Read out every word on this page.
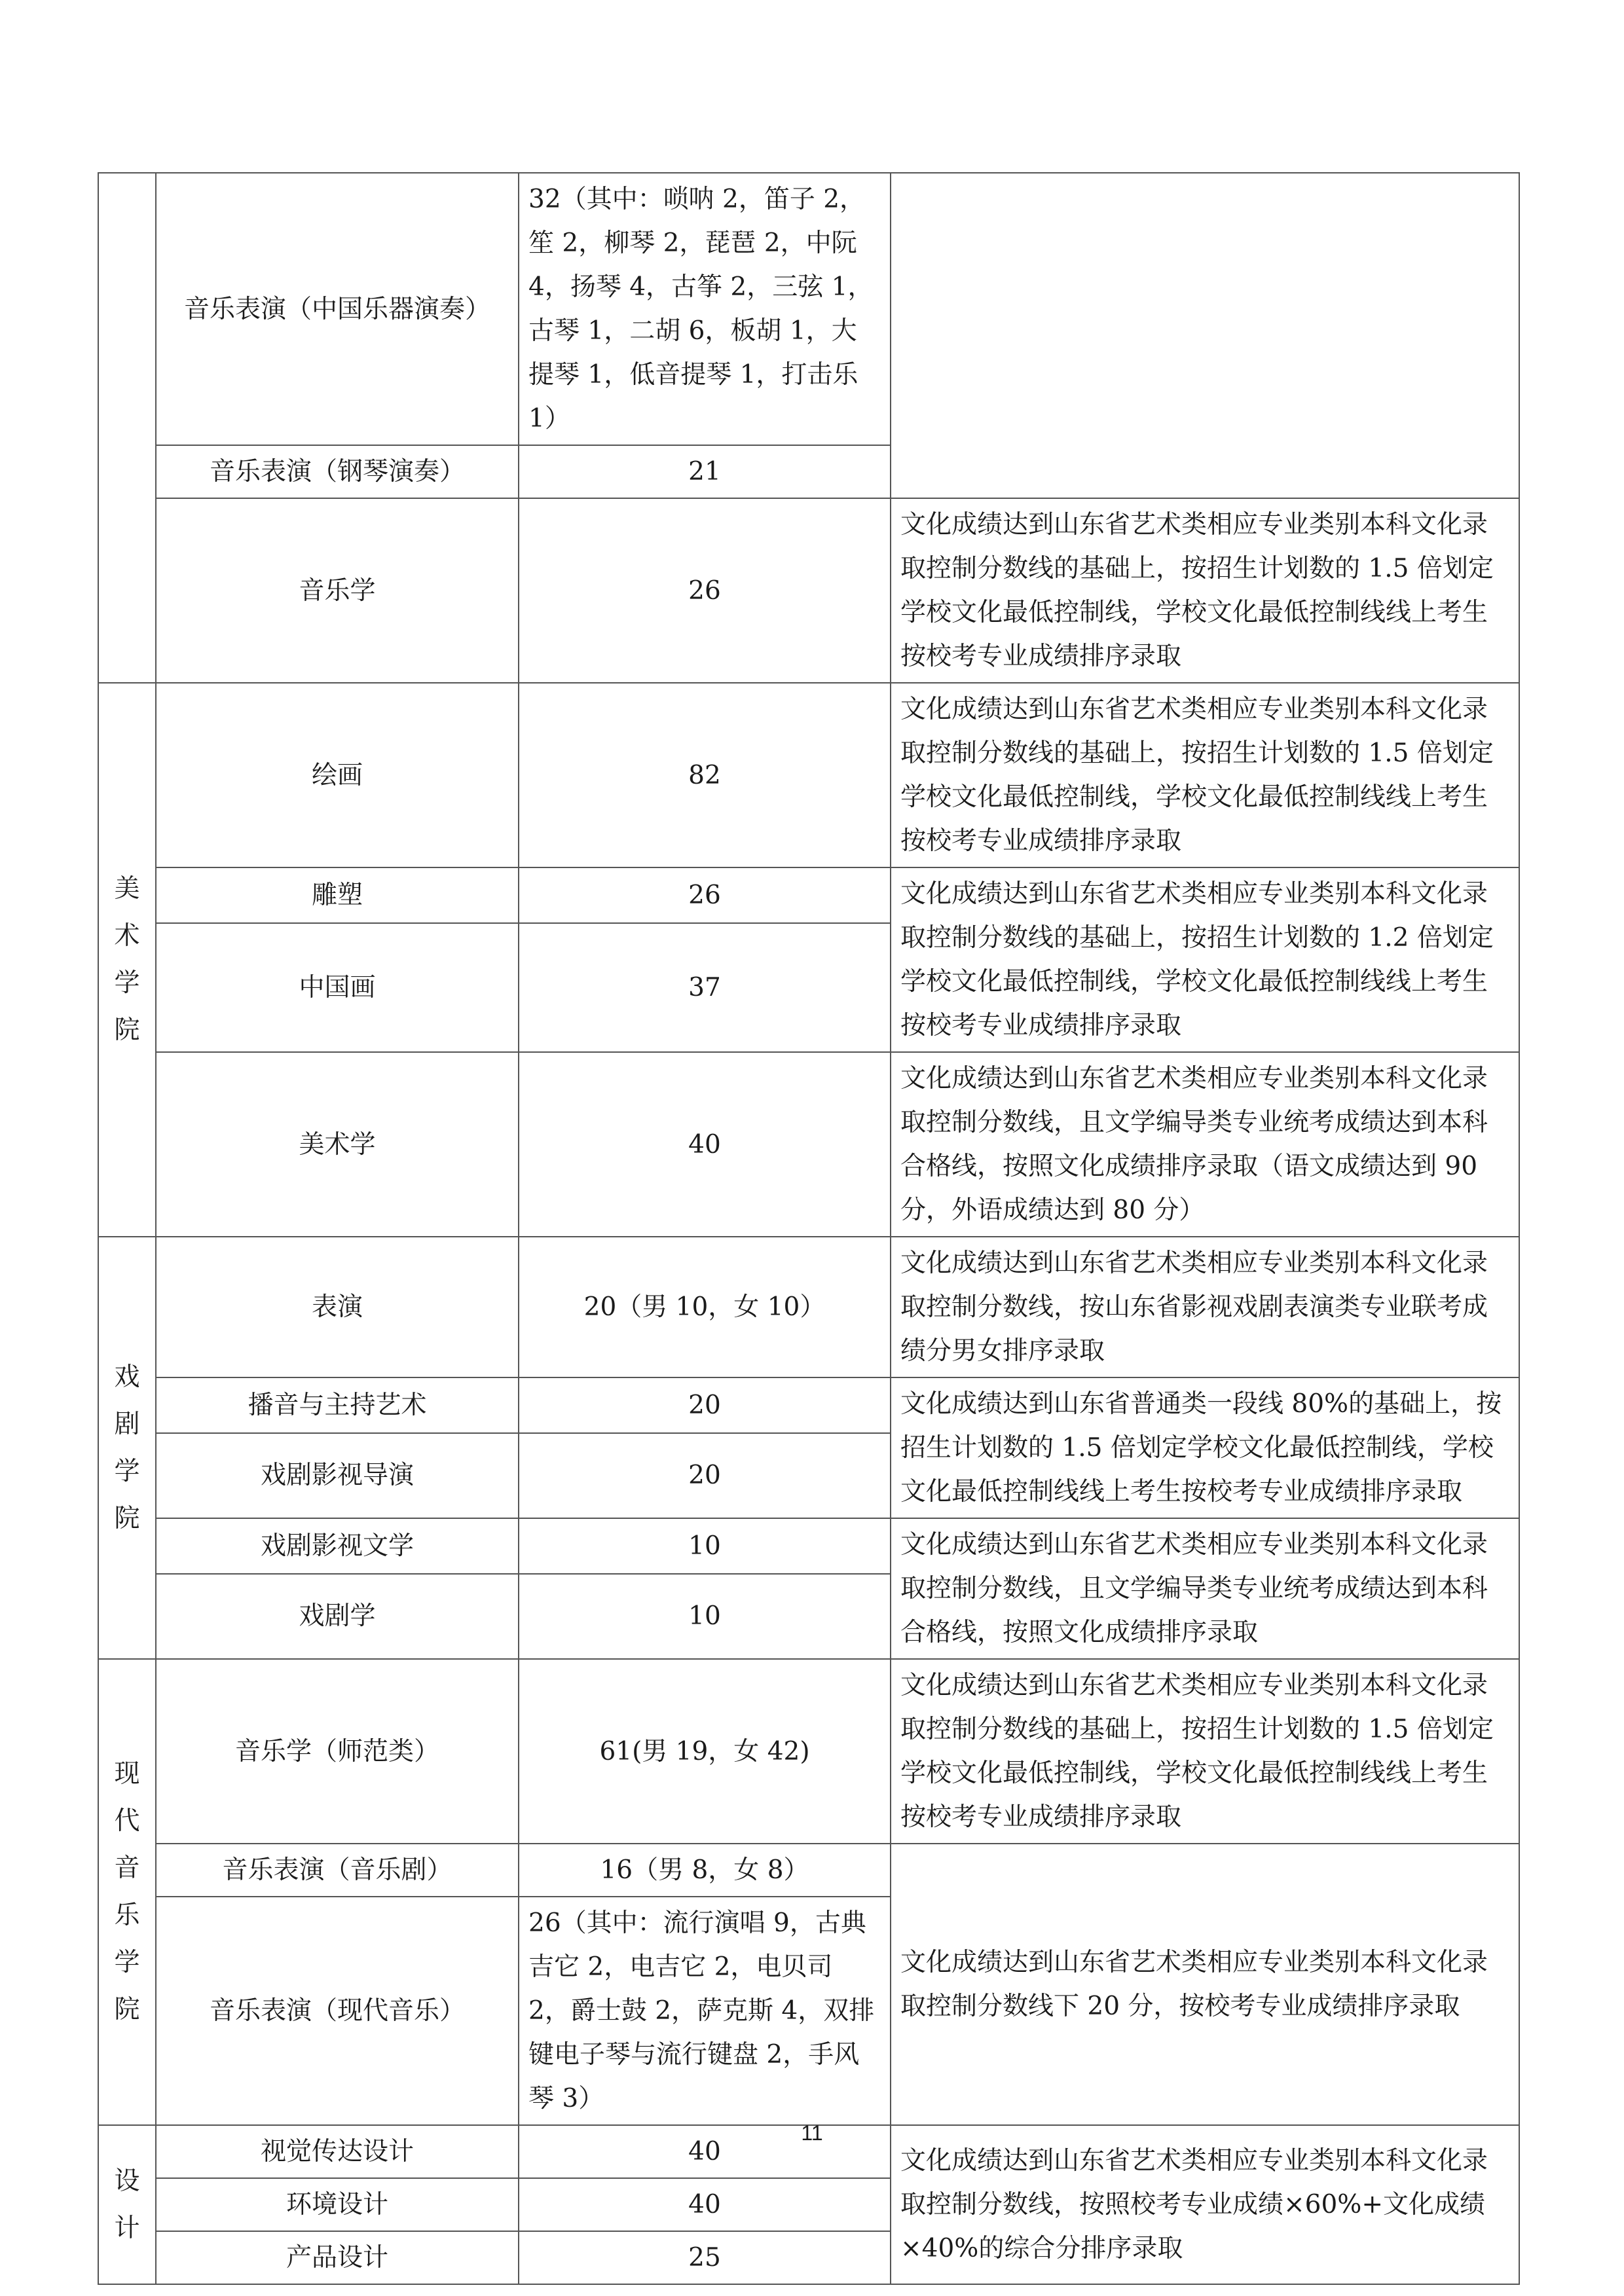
	音乐表演（中国乐器演奏）	32（其中：唢呐 2，笛子 2，笙 2，柳琴 2，琵琶 2，中阮 4，扬琴 4，古筝 2，三弦 1，古琴 1，二胡 6，板胡 1，大提琴 1，低音提琴 1，打击乐 1）	
	音乐表演（钢琴演奏）	21	
	音乐学	26	文化成绩达到山东省艺术类相应专业类别本科文化录取控制分数线的基础上，按招生计划数的 1.5 倍划定学校文化最低控制线，学校文化最低控制线线上考生按校考专业成绩排序录取

美术学院	绘画	82	文化成绩达到山东省艺术类相应专业类别本科文化录取控制分数线的基础上，按招生计划数的 1.5 倍划定学校文化最低控制线，学校文化最低控制线线上考生按校考专业成绩排序录取
	雕塑	26	文化成绩达到山东省艺术类相应专业类别本科文化录取控制分数线的基础上，按招生计划数的 1.2 倍划定学校文化最低控制线，学校文化最低控制线线上考生按校考专业成绩排序录取
	中国画	37	
	美术学	40	文化成绩达到山东省艺术类相应专业类别本科文化录取控制分数线，且文学编导类专业统考成绩达到本科合格线，按照文化成绩排序录取（语文成绩达到 90 分，外语成绩达到 80 分）

戏剧学院	表演	20（男 10，女 10）	文化成绩达到山东省艺术类相应专业类别本科文化录取控制分数线，按山东省影视戏剧表演类专业联考成绩分男女排序录取
	播音与主持艺术	20	文化成绩达到山东省普通类一段线 80%的基础上，按招生计划数的 1.5 倍划定学校文化最低控制线，学校文化最低控制线线上考生按校考专业成绩排序录取
	戏剧影视导演	20	
	戏剧影视文学	10	文化成绩达到山东省艺术类相应专业类别本科文化录取控制分数线，且文学编导类专业统考成绩达到本科合格线，按照文化成绩排序录取
	戏剧学	10	

现代音乐学院	音乐学（师范类）	61(男 19，女 42)	文化成绩达到山东省艺术类相应专业类别本科文化录取控制分数线的基础上，按招生计划数的 1.5 倍划定学校文化最低控制线，学校文化最低控制线线上考生按校考专业成绩排序录取
	音乐表演（音乐剧）	16（男 8，女 8）	文化成绩达到山东省艺术类相应专业类别本科文化录取控制分数线下 20 分，按校考专业成绩排序录取
	音乐表演（现代音乐）	26（其中：流行演唱 9，古典吉它 2，电吉它 2，电贝司 2，爵士鼓 2，萨克斯 4，双排键电子琴与流行键盘 2，手风琴 3）	

设计	视觉传达设计	40	文化成绩达到山东省艺术类相应专业类别本科文化录取控制分数线，按照校考专业成绩×60%+文化成绩×40%的综合分排序录取
	环境设计	40	
	产品设计	25	
11
